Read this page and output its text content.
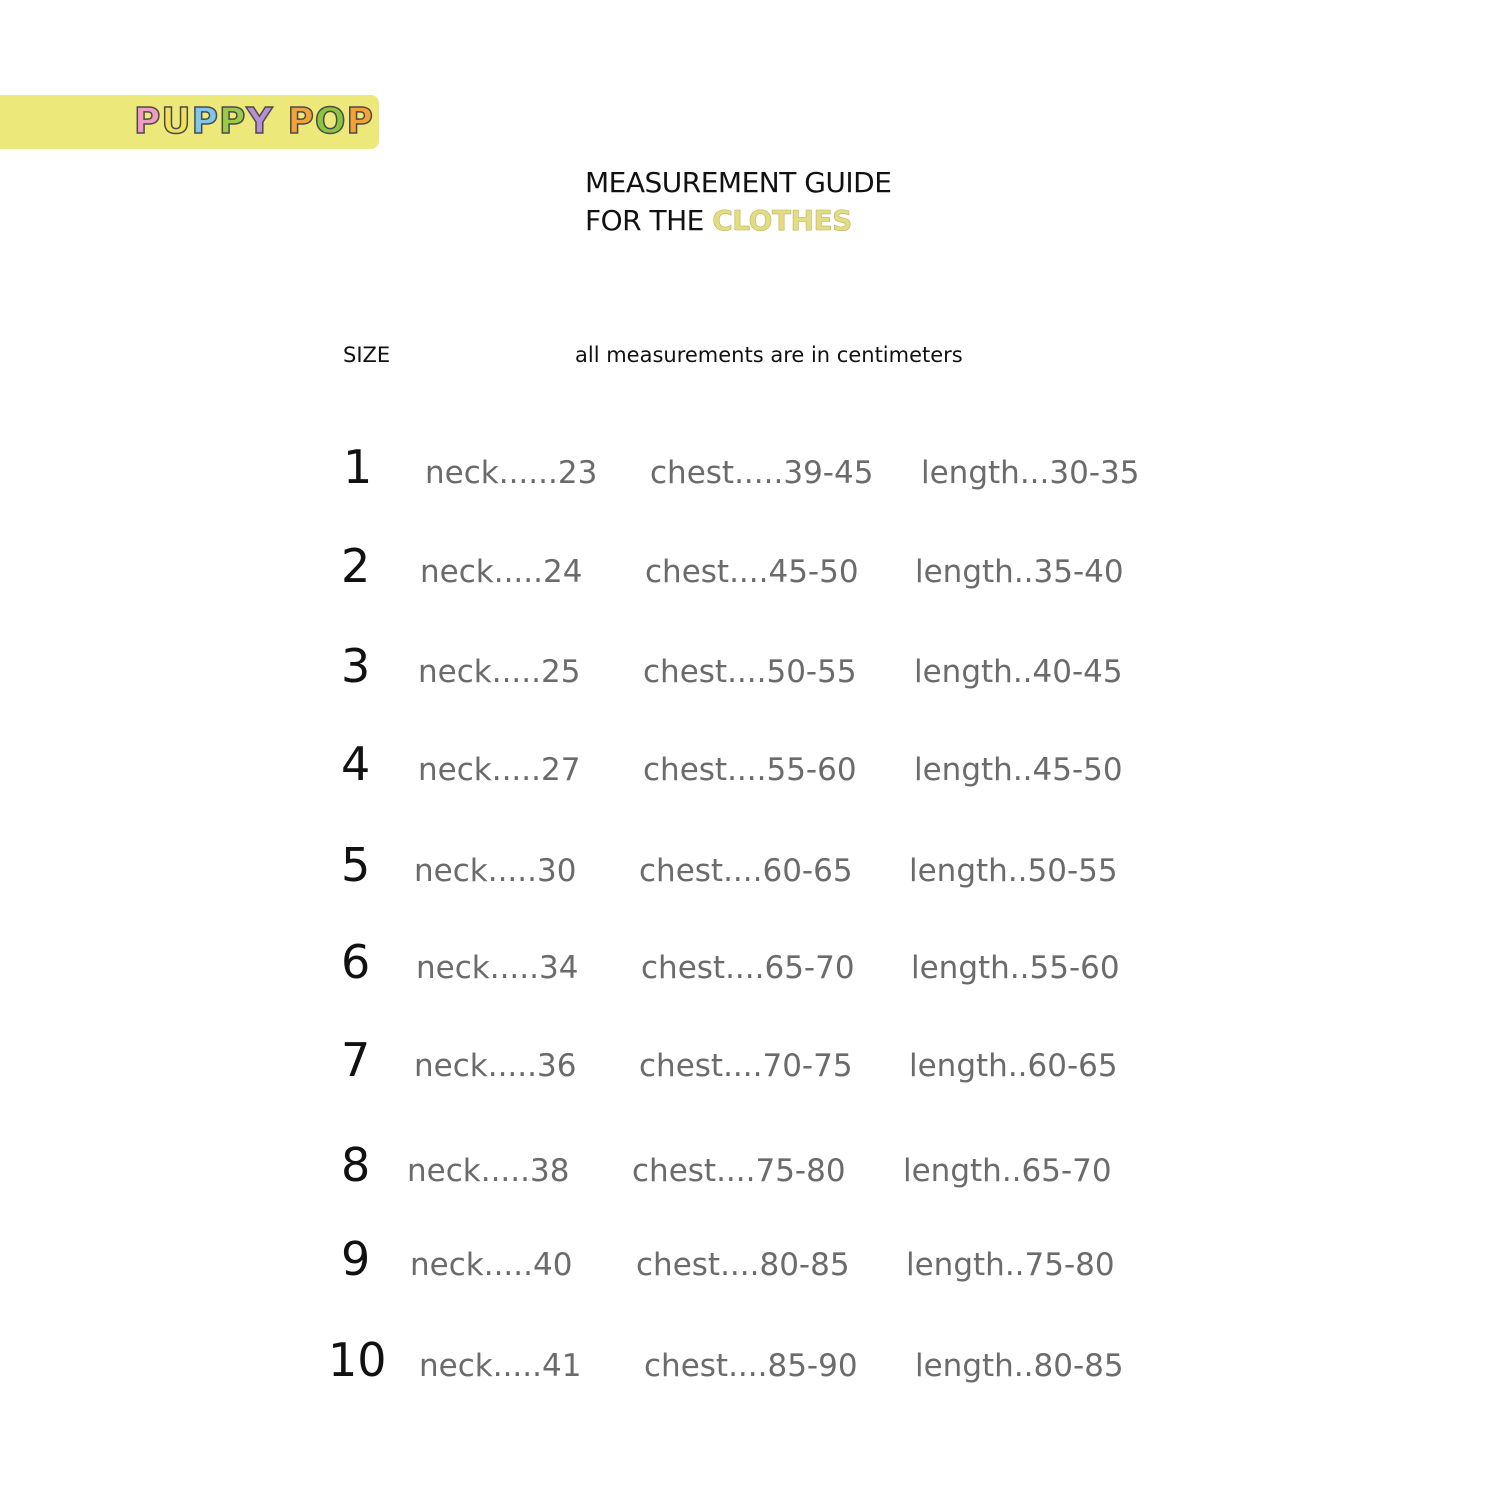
PUPPY POP
MEASUREMENT GUIDE
FOR THE CLOTHES
SIZE	all measurements are in centimeters
1 neck......23 chest.....39-45 length...30-35
2 neck.....24 chest....45-50 length..35-40
3 neck.....25 chest....50-55 length..40-45
4 neck.....27 chest....55-60 length..45-50
5 neck.....30 chest....60-65 length..50-55
6 neck.....34 chest....65-70 length..55-60
7 neck.....36 chest....70-75 length..60-65
8 neck.....38 chest....75-80 length..65-70
9 neck.....40 chest....80-85 length..75-80
10 neck.....41 chest....85-90 length..80-85
